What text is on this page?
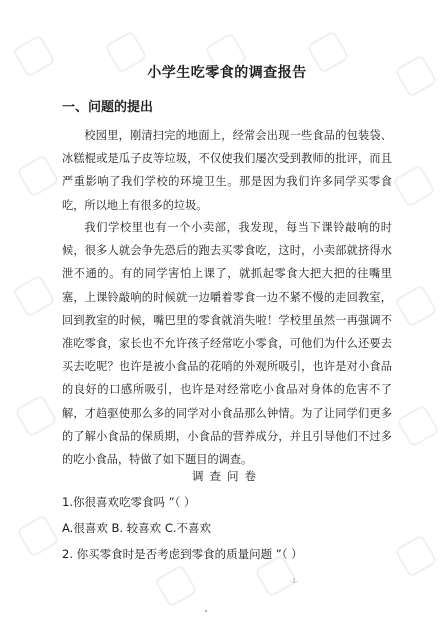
小学生吃零食的调查报告
一、问题的提出

校园里，刚清扫完的地面上，经常会出现一些食品的包装袋、冰糕棍或是瓜子皮等垃圾，不仅使我们屡次受到教师的批评，而且严重影响了我们学校的环境卫生。那是因为我们许多同学买零食吃，所以地上有很多的垃圾。

我们学校里也有一个小卖部，我发现，每当下课铃敲响的时候，很多人就会争先恐后的跑去买零食吃，这时，小卖部就挤得水泄不通的。有的同学害怕上课了，就抓起零食大把大把的往嘴里塞，上课铃敲响的时候就一边嚼着零食一边不紧不慢的走回教室，回到教室的时候，嘴巴里的零食就消失啦！学校里虽然一再强调不准吃零食，家长也不允许孩子经常吃小零食，可他们为什么还要去买去吃呢？也许是被小食品的花哨的外观所吸引，也许是对小食品的良好的口感所吸引，也许是对经常吃小食品对身体的危害不了解，才趋驱使那么多的同学对小食品那么钟情。为了让同学们更多的了解小食品的保质期，小食品的营养成分，并且引导他们不过多的吃小食品，特做了如下题目的调查。

调查问卷

1.你很喜欢吃零食吗 ”（ ）

A.很喜欢 B. 较喜欢 C.不喜欢

2. 你买零食时是否考虑到零食的质量问题 ”（ ）

-1-
